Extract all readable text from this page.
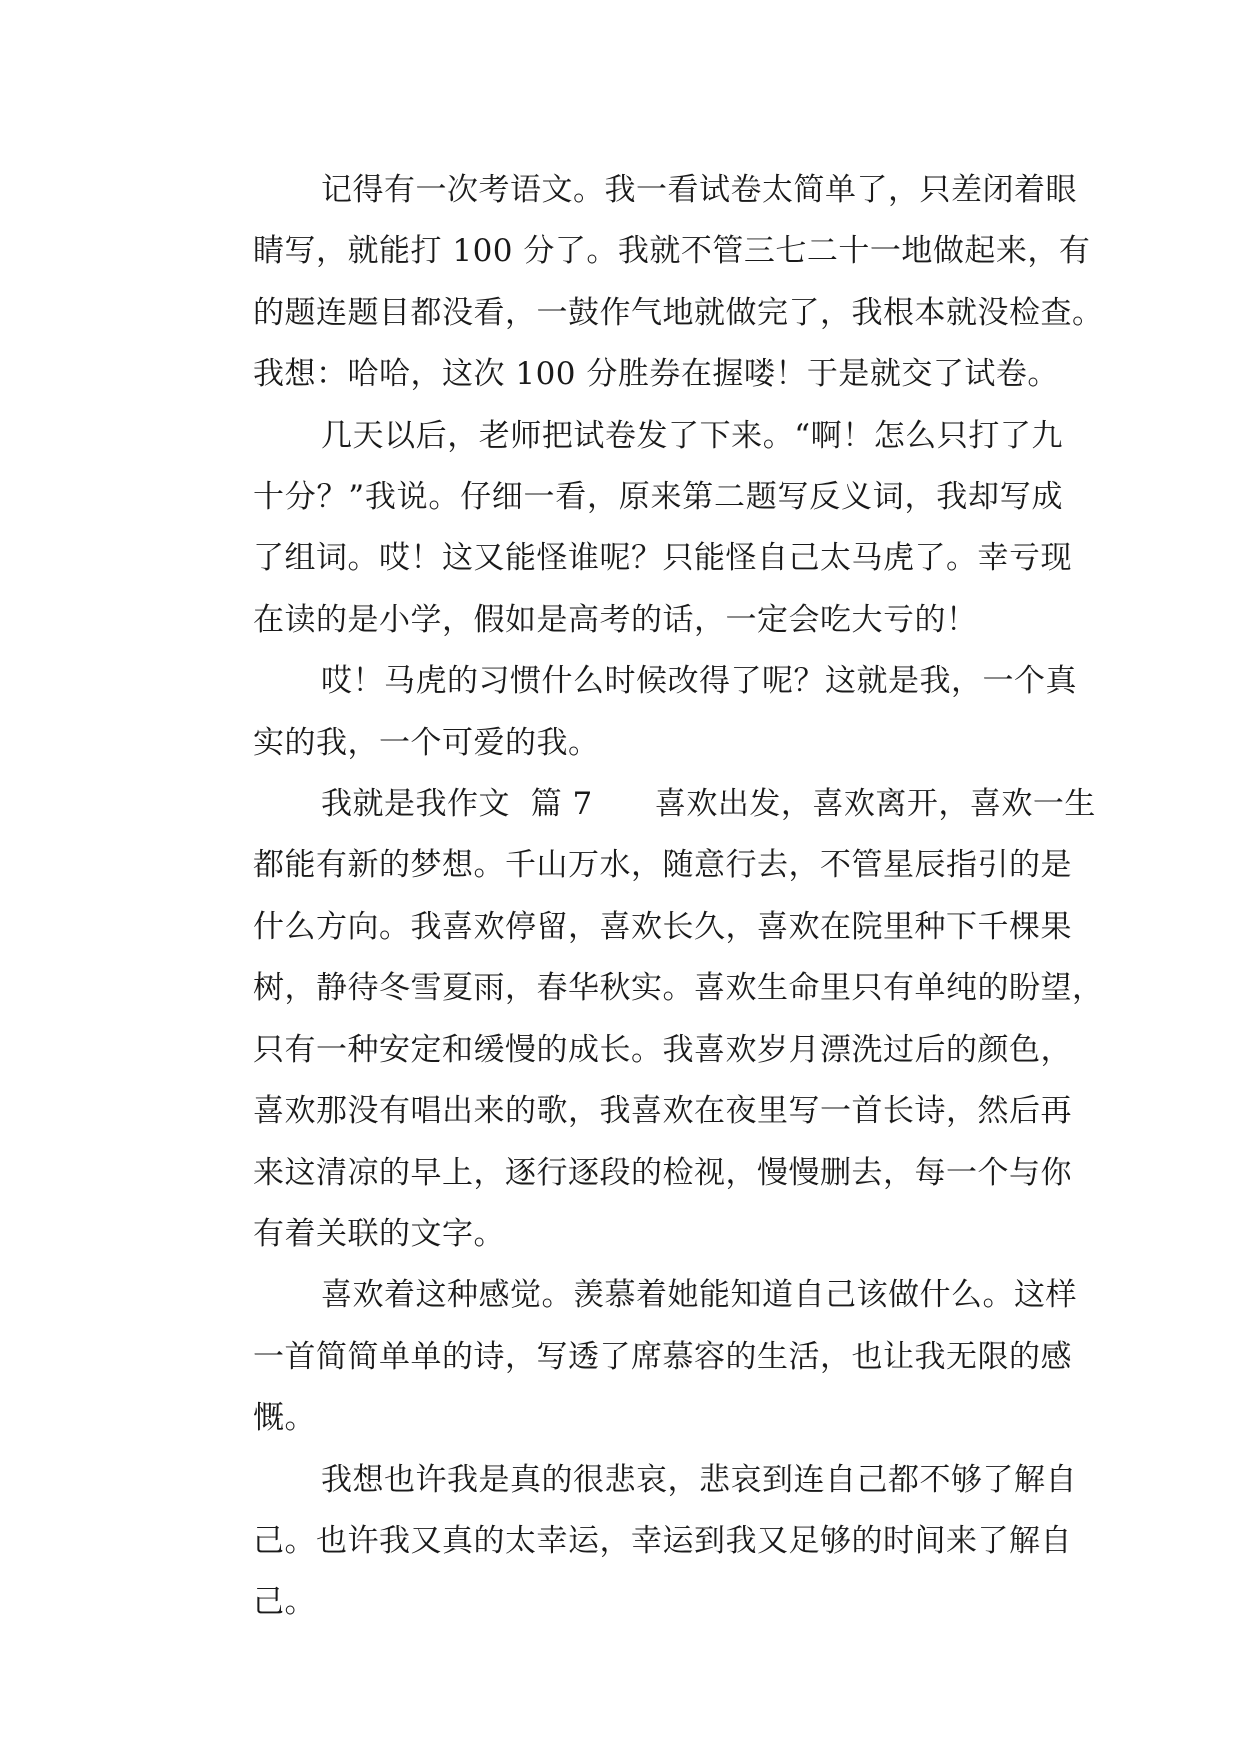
记得有一次考语文。我一看试卷太简单了，只差闭着眼
睛写，就能打 100 分了。我就不管三七二十一地做起来，有
的题连题目都没看，一鼓作气地就做完了，我根本就没检查。
我想：哈哈，这次 100 分胜券在握喽！于是就交了试卷。
几天以后，老师把试卷发了下来。“啊！怎么只打了九
十分？”我说。仔细一看，原来第二题写反义词，我却写成
了组词。哎！这又能怪谁呢？只能怪自己太马虎了。幸亏现
在读的是小学，假如是高考的话，一定会吃大亏的！
哎！马虎的习惯什么时候改得了呢？这就是我，一个真
实的我，一个可爱的我。
我就是我作文  篇 7      喜欢出发，喜欢离开，喜欢一生
都能有新的梦想。千山万水，随意行去，不管星辰指引的是
什么方向。我喜欢停留，喜欢长久，喜欢在院里种下千棵果
树，静待冬雪夏雨，春华秋实。喜欢生命里只有单纯的盼望，
只有一种安定和缓慢的成长。我喜欢岁月漂洗过后的颜色，
喜欢那没有唱出来的歌，我喜欢在夜里写一首长诗，然后再
来这清凉的早上，逐行逐段的检视，慢慢删去，每一个与你
有着关联的文字。
喜欢着这种感觉。羡慕着她能知道自己该做什么。这样
一首简简单单的诗，写透了席慕容的生活，也让我无限的感
慨。
我想也许我是真的很悲哀，悲哀到连自己都不够了解自
己。也许我又真的太幸运，幸运到我又足够的时间来了解自
己。
